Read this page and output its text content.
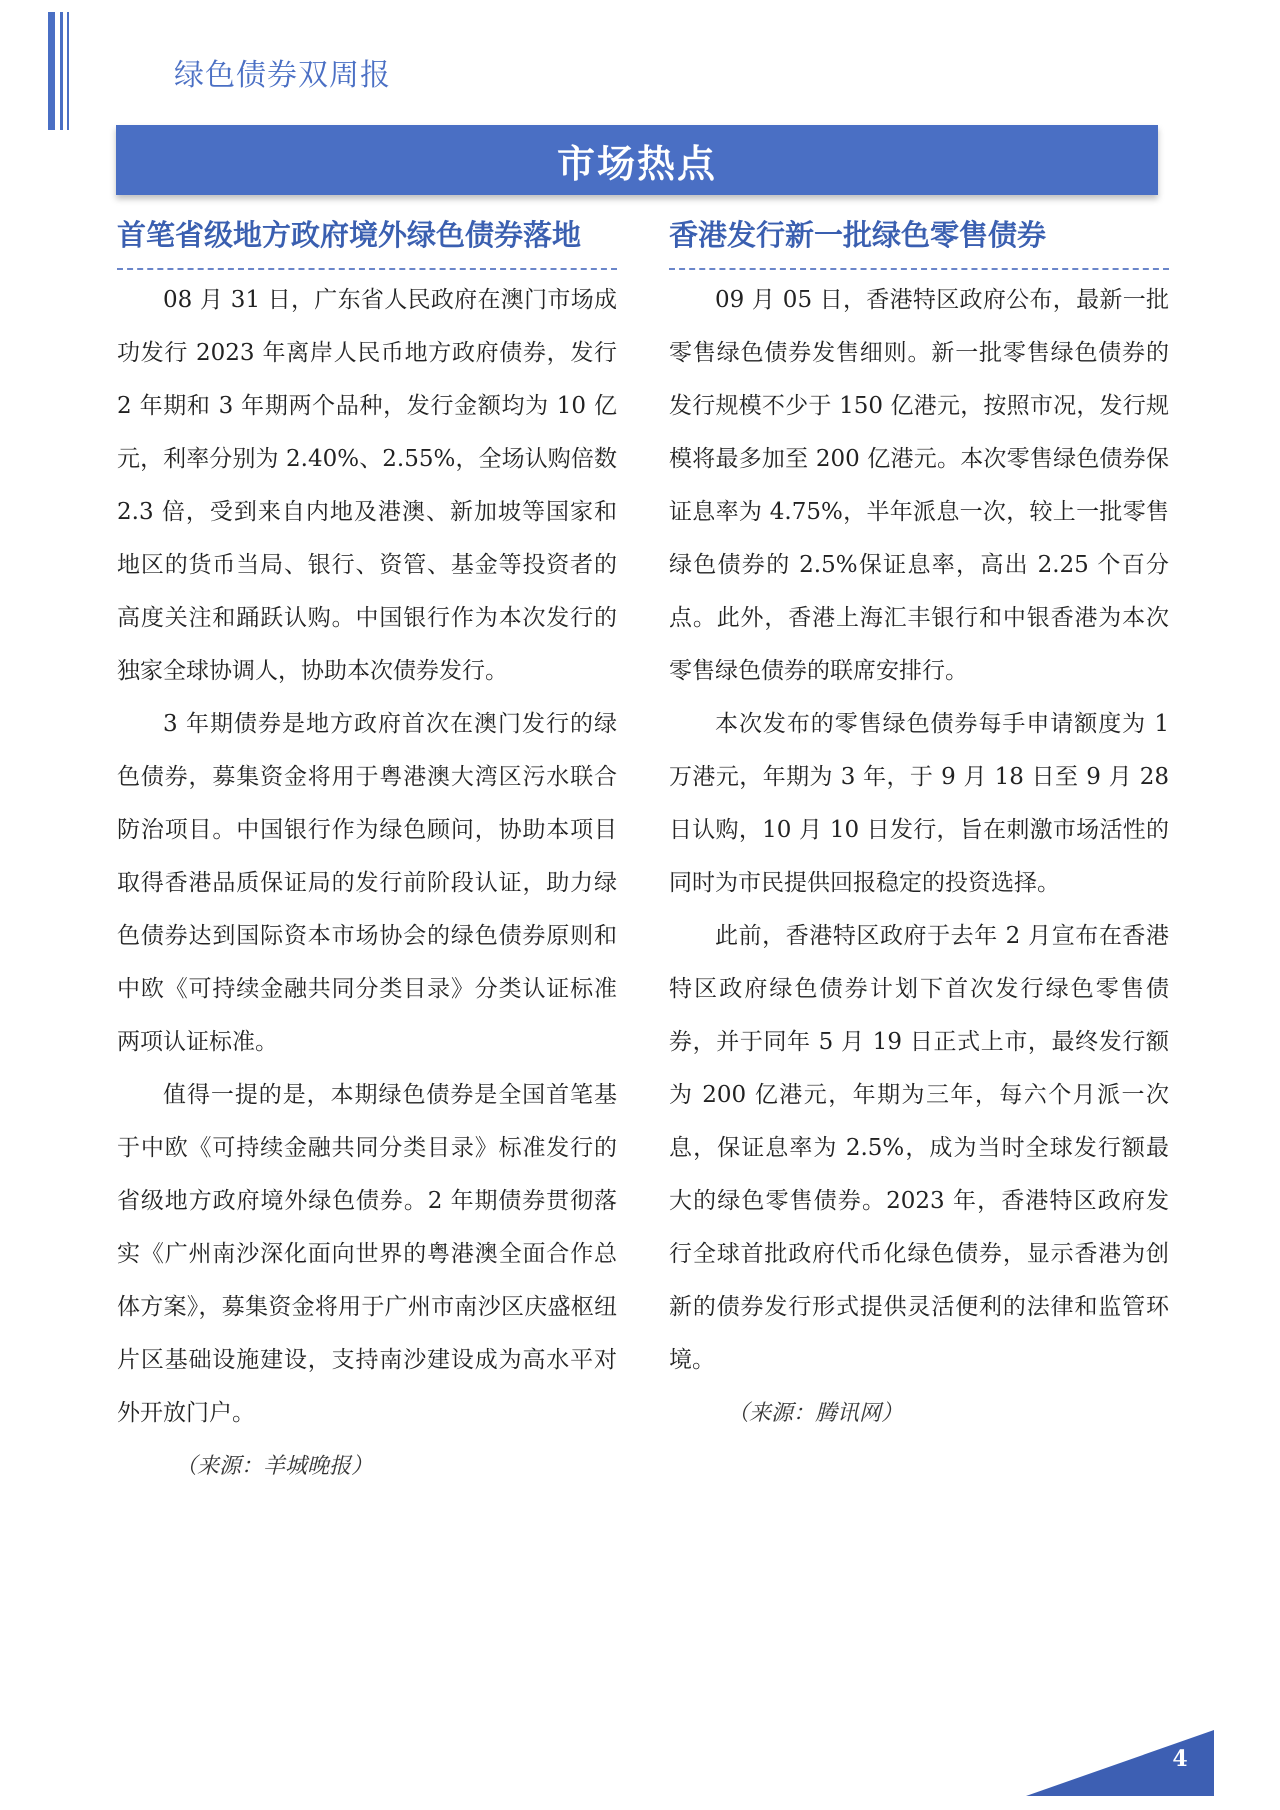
绿色债券双周报
市场热点
首笔省级地方政府境外绿色债券落地

08 月 31 日，广东省人民政府在澳门市场成功发行 2023 年离岸人民币地方政府债券，发行 2 年期和 3 年期两个品种，发行金额均为 10 亿元，利率分别为 2.40%、2.55%，全场认购倍数 2.3 倍，受到来自内地及港澳、新加坡等国家和地区的货币当局、银行、资管、基金等投资者的高度关注和踊跃认购。中国银行作为本次发行的独家全球协调人，协助本次债券发行。

3 年期债券是地方政府首次在澳门发行的绿色债券，募集资金将用于粤港澳大湾区污水联合防治项目。中国银行作为绿色顾问，协助本项目取得香港品质保证局的发行前阶段认证，助力绿色债券达到国际资本市场协会的绿色债券原则和中欧《可持续金融共同分类目录》分类认证标准两项认证标准。

值得一提的是，本期绿色债券是全国首笔基于中欧《可持续金融共同分类目录》标准发行的省级地方政府境外绿色债券。2 年期债券贯彻落实《广州南沙深化面向世界的粤港澳全面合作总体方案》，募集资金将用于广州市南沙区庆盛枢纽片区基础设施建设，支持南沙建设成为高水平对外开放门户。

（来源：羊城晚报）
香港发行新一批绿色零售债券

09 月 05 日，香港特区政府公布，最新一批零售绿色债券发售细则。新一批零售绿色债券的发行规模不少于 150 亿港元，按照市况，发行规模将最多加至 200 亿港元。本次零售绿色债券保证息率为 4.75%，半年派息一次，较上一批零售绿色债券的 2.5%保证息率，高出 2.25 个百分点。此外，香港上海汇丰银行和中银香港为本次零售绿色债券的联席安排行。

本次发布的零售绿色债券每手申请额度为 1 万港元，年期为 3 年，于 9 月 18 日至 9 月 28 日认购，10 月 10 日发行，旨在刺激市场活性的同时为市民提供回报稳定的投资选择。

此前，香港特区政府于去年 2 月宣布在香港特区政府绿色债券计划下首次发行绿色零售债券，并于同年 5 月 19 日正式上市，最终发行额为 200 亿港元，年期为三年，每六个月派一次息，保证息率为 2.5%，成为当时全球发行额最大的绿色零售债券。2023 年，香港特区政府发行全球首批政府代币化绿色债券，显示香港为创新的债券发行形式提供灵活便利的法律和监管环境。

（来源：腾讯网）
4
